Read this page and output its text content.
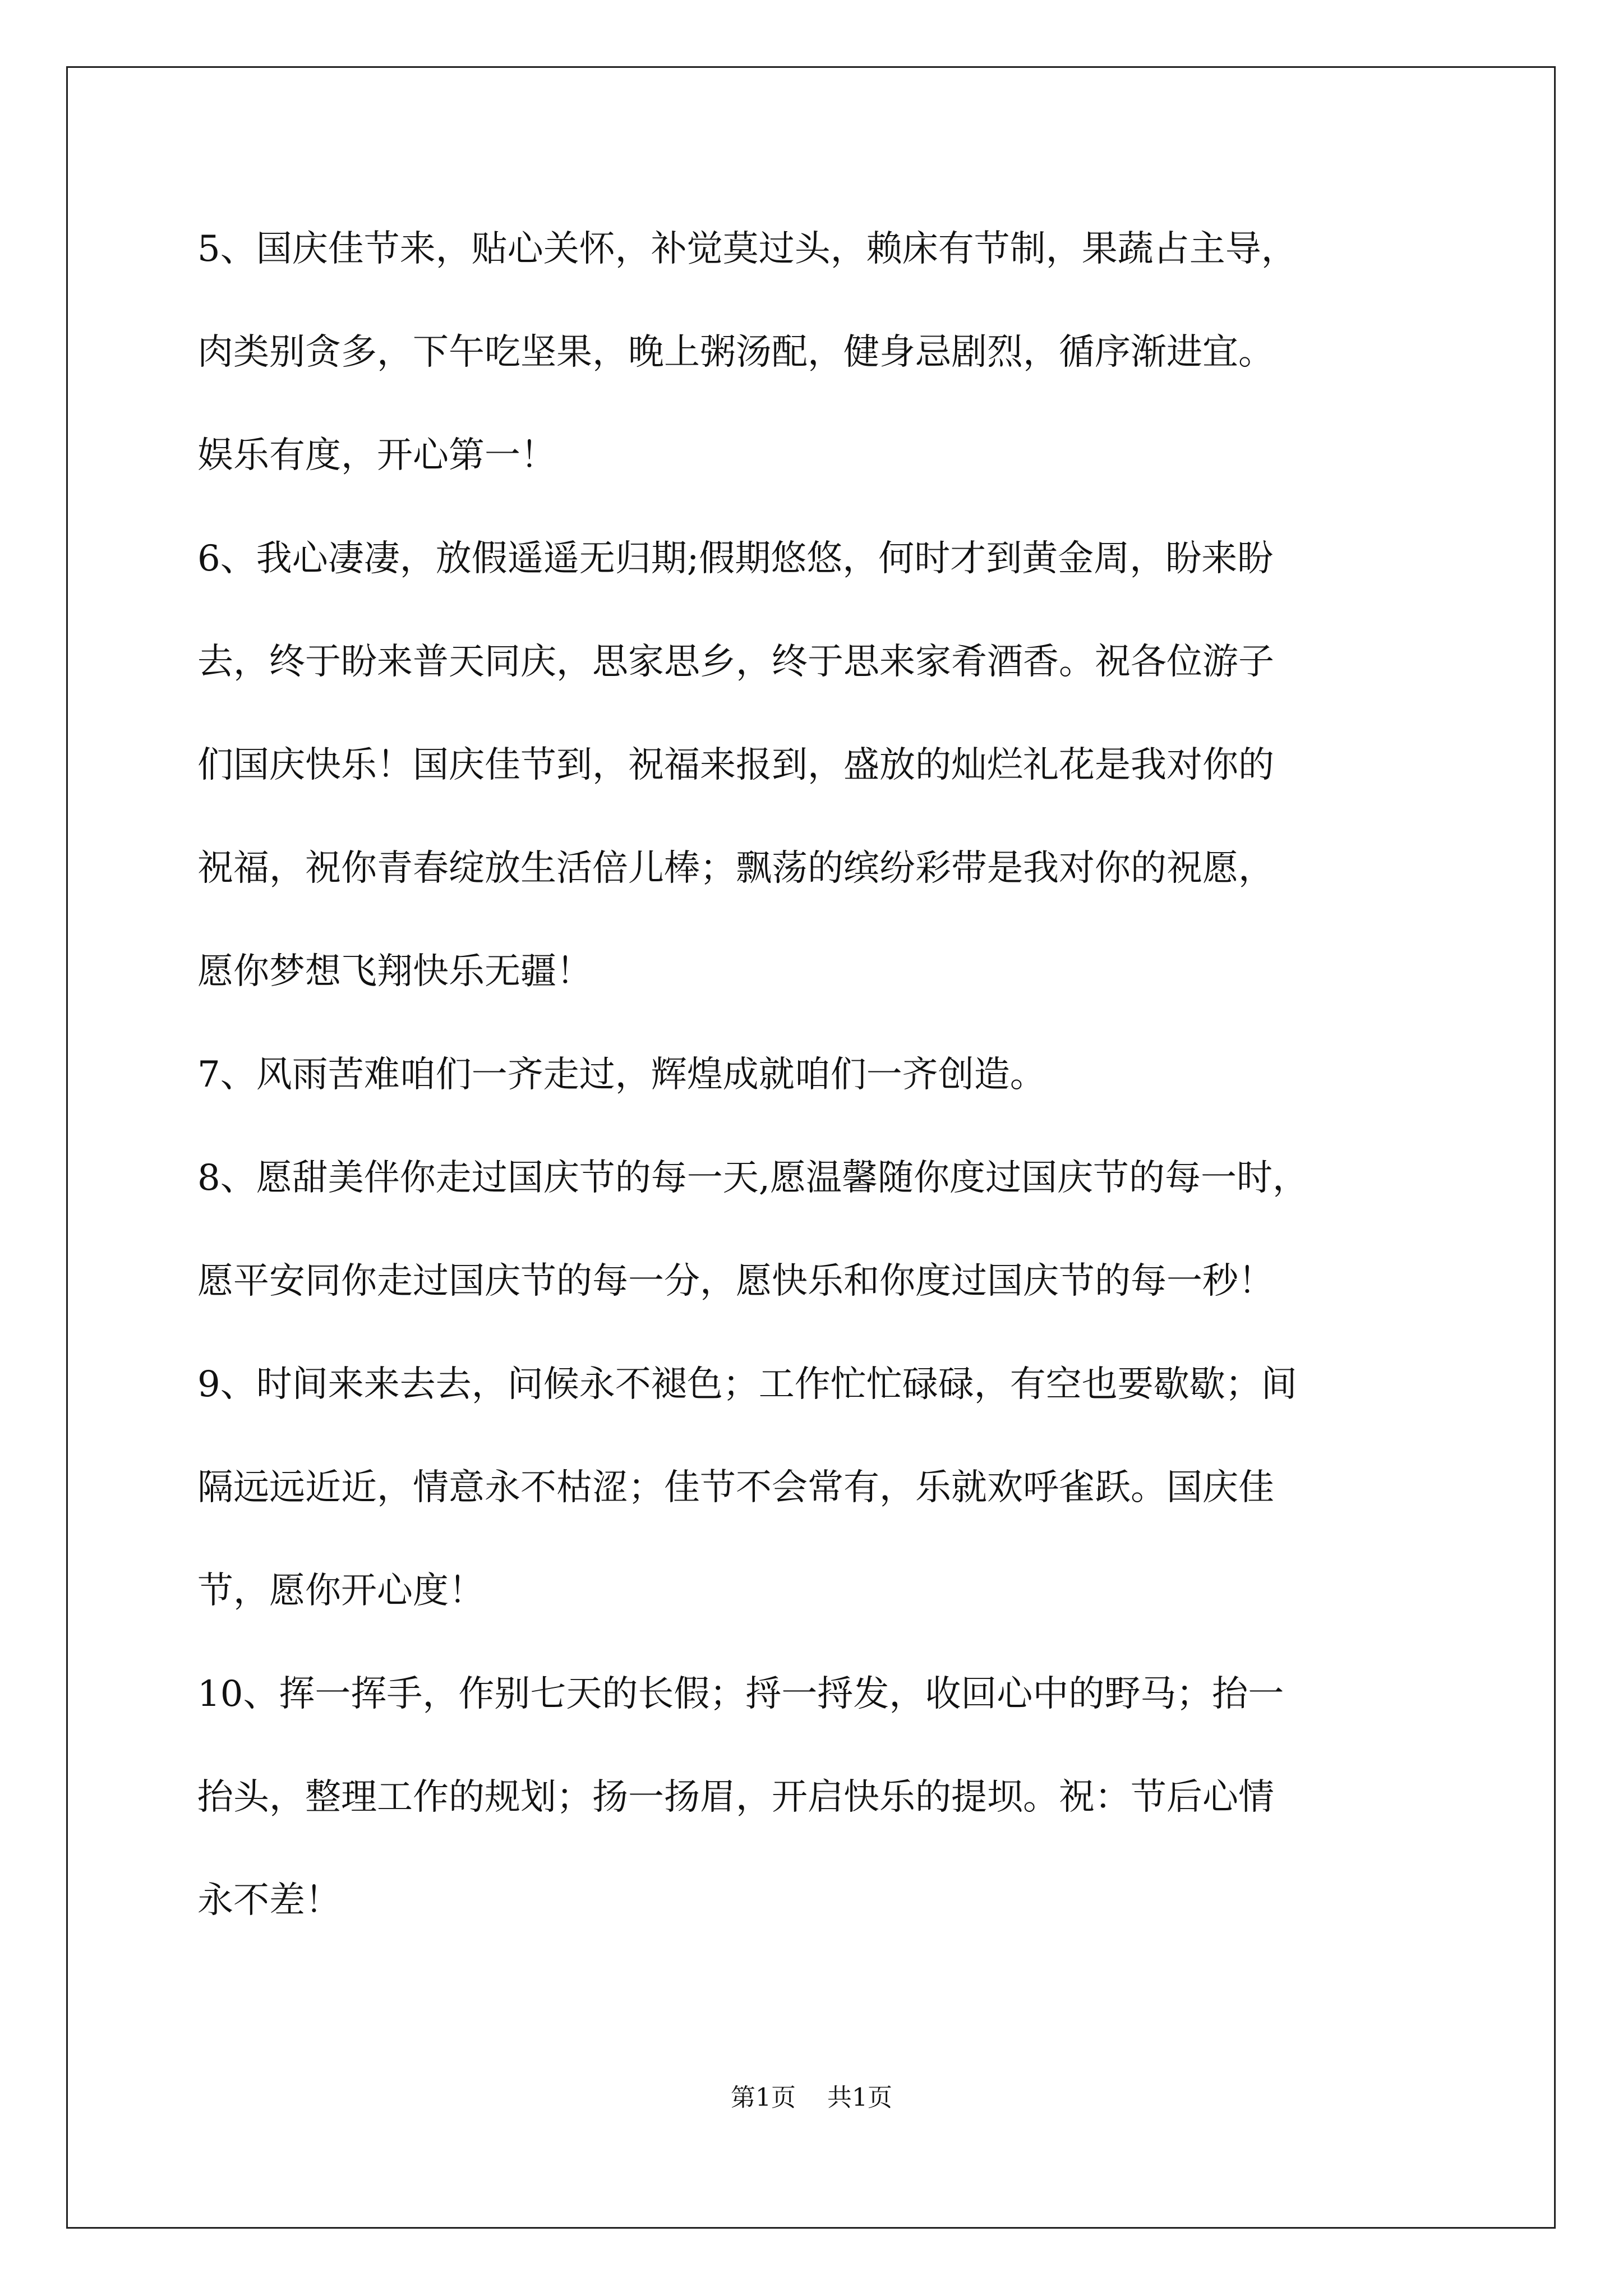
5、国庆佳节来，贴心关怀，补觉莫过头，赖床有节制，果蔬占主导，
肉类别贪多，下午吃坚果，晚上粥汤配，健身忌剧烈，循序渐进宜。
娱乐有度，开心第一！
6、我心凄凄，放假遥遥无归期;假期悠悠，何时才到黄金周，盼来盼
去，终于盼来普天同庆，思家思乡，终于思来家肴酒香。祝各位游子
们国庆快乐！国庆佳节到，祝福来报到，盛放的灿烂礼花是我对你的
祝福，祝你青春绽放生活倍儿棒；飘荡的缤纷彩带是我对你的祝愿，
愿你梦想飞翔快乐无疆！
7、风雨苦难咱们一齐走过，辉煌成就咱们一齐创造。
8、愿甜美伴你走过国庆节的每一天,愿温馨随你度过国庆节的每一时，
愿平安同你走过国庆节的每一分，愿快乐和你度过国庆节的每一秒！
9、时间来来去去，问候永不褪色；工作忙忙碌碌，有空也要歇歇；间
隔远远近近，情意永不枯涩；佳节不会常有，乐就欢呼雀跃。国庆佳
节，愿你开心度！
10、挥一挥手，作别七天的长假；捋一捋发，收回心中的野马；抬一
抬头，整理工作的规划；扬一扬眉，开启快乐的提坝。祝：节后心情
永不差！
第1页 共1页
